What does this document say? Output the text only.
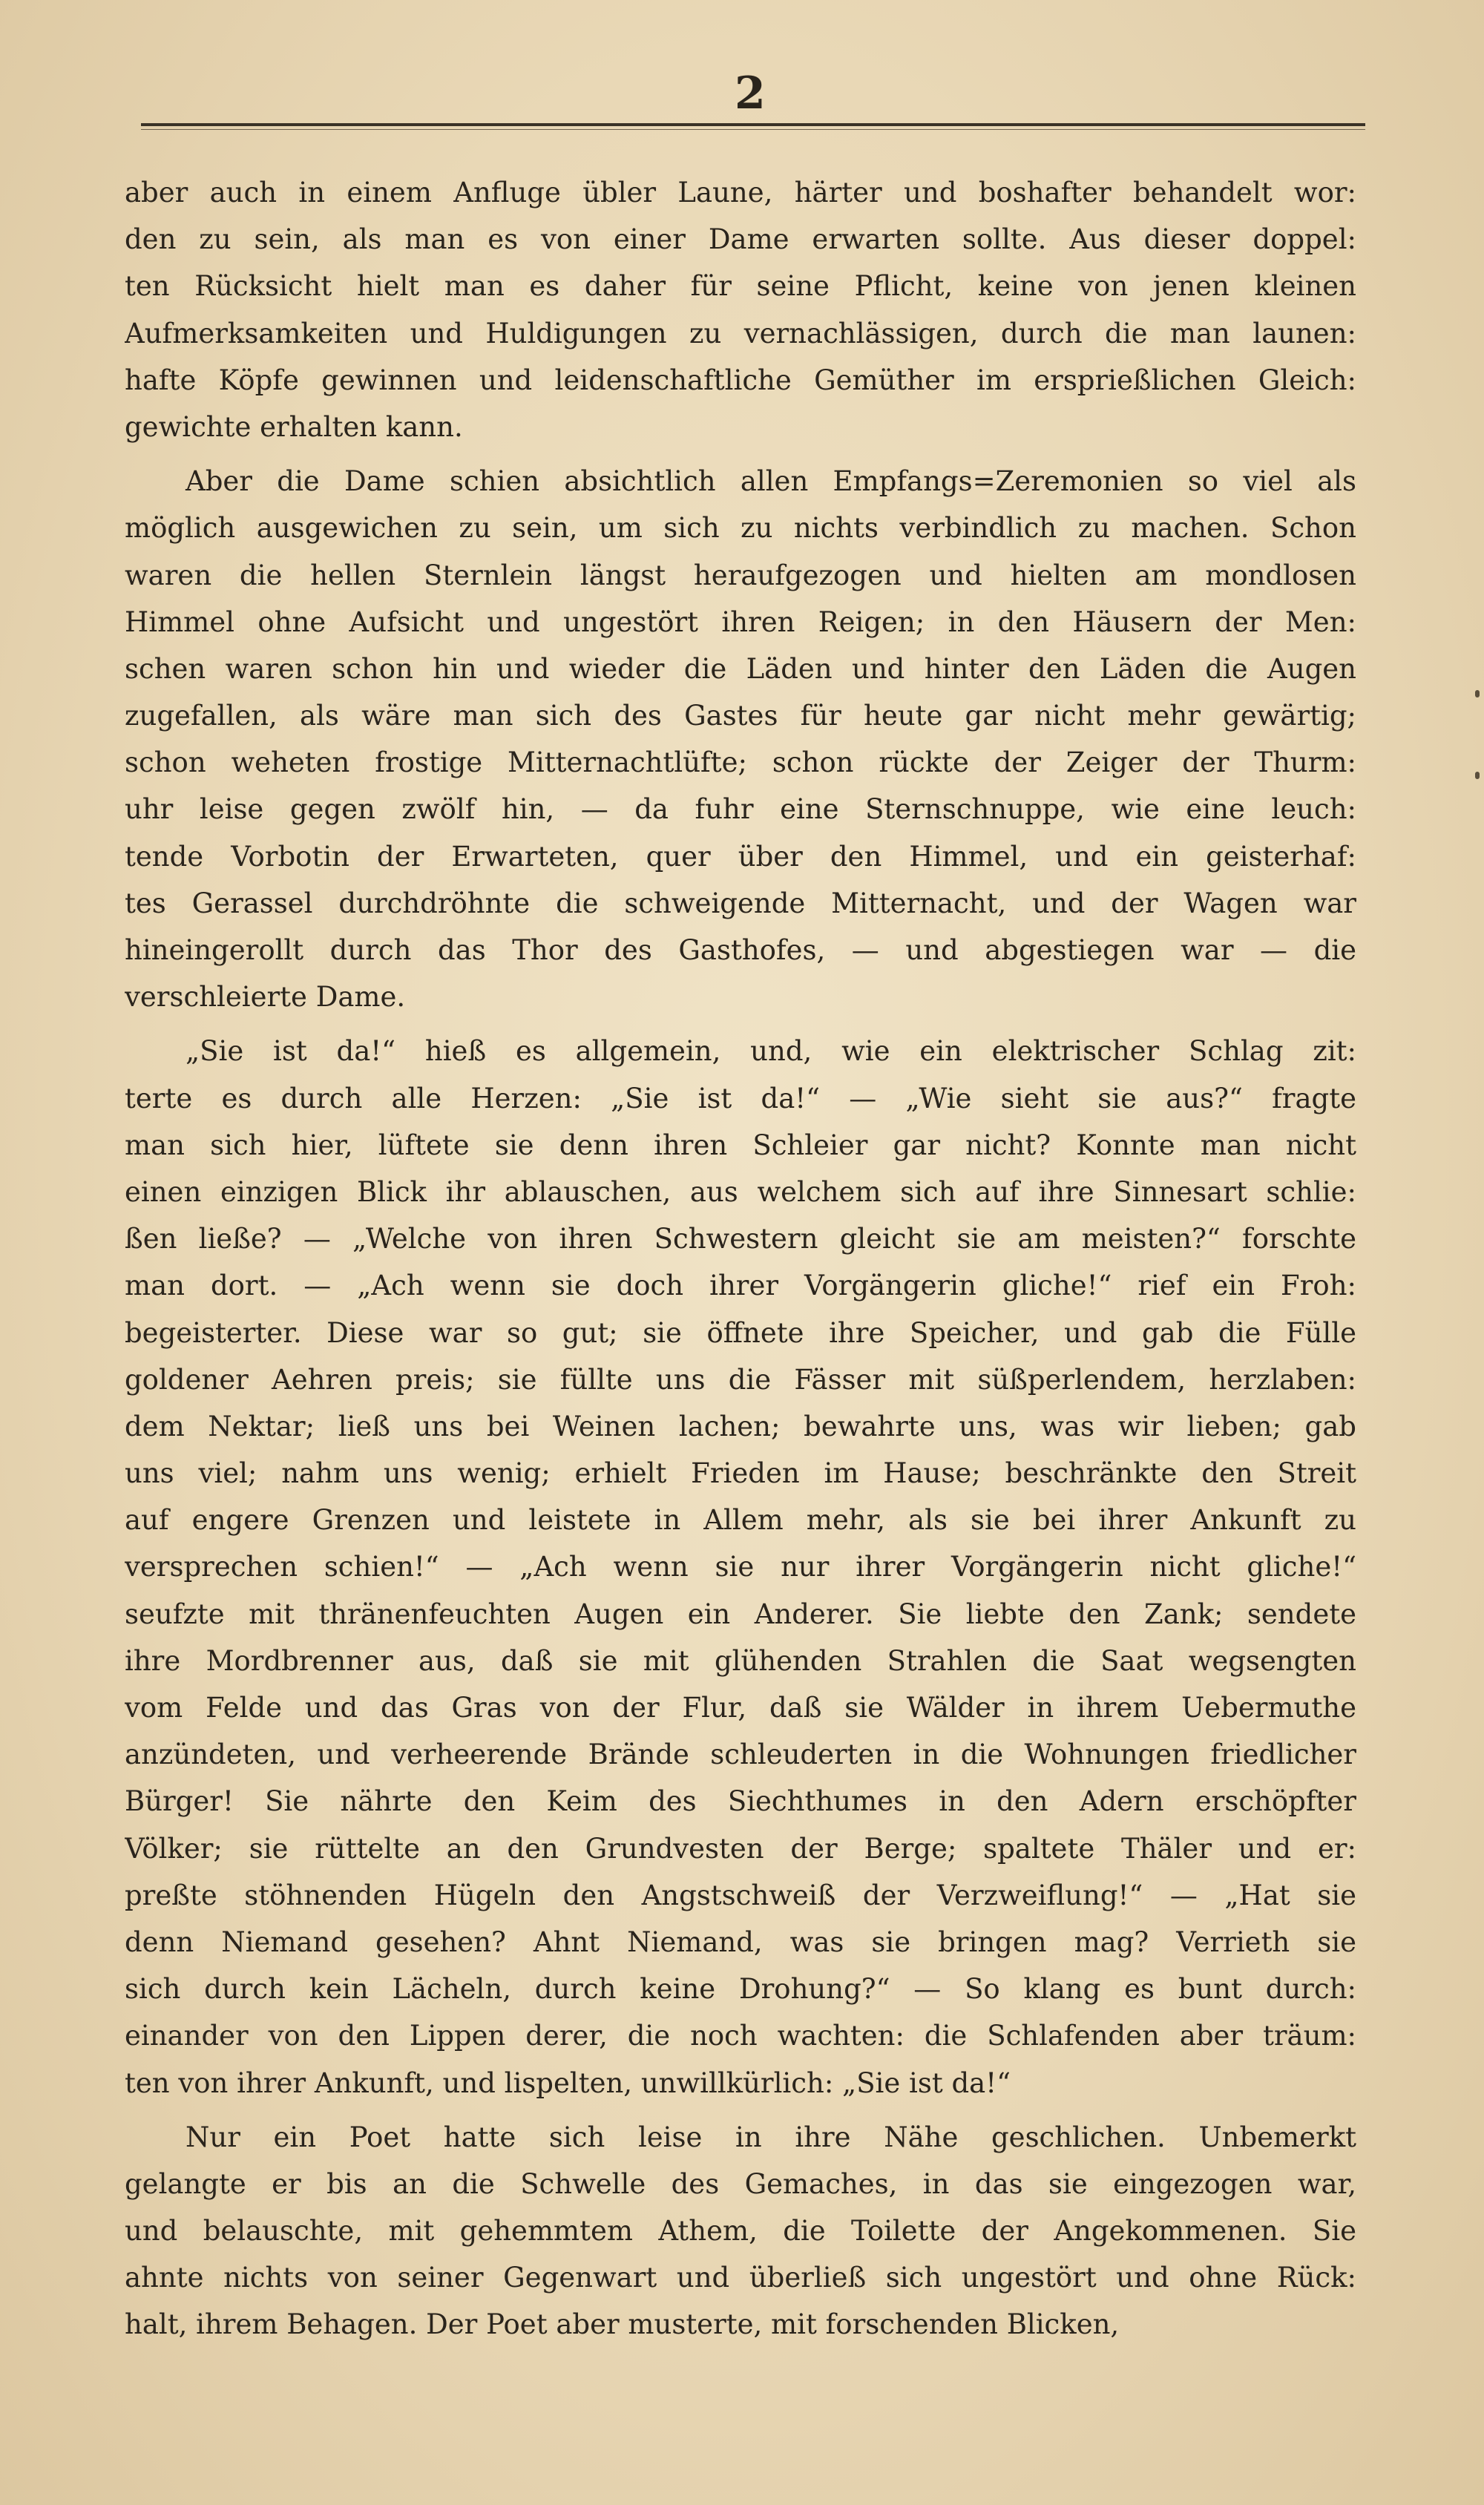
2
aber auch in einem Anfluge übler Laune, härter und boshafter behandelt wor:
den zu sein, als man es von einer Dame erwarten sollte. Aus dieser doppel:
ten Rücksicht hielt man es daher für seine Pflicht, keine von jenen kleinen
Aufmerksamkeiten und Huldigungen zu vernachlässigen, durch die man launen:
hafte Köpfe gewinnen und leidenschaftliche Gemüther im ersprießlichen Gleich:
gewichte erhalten kann.
Aber die Dame schien absichtlich allen Empfangs=Zeremonien so viel als
möglich ausgewichen zu sein, um sich zu nichts verbindlich zu machen. Schon
waren die hellen Sternlein längst heraufgezogen und hielten am mondlosen
Himmel ohne Aufsicht und ungestört ihren Reigen; in den Häusern der Men:
schen waren schon hin und wieder die Läden und hinter den Läden die Augen
zugefallen, als wäre man sich des Gastes für heute gar nicht mehr gewärtig;
schon weheten frostige Mitternachtlüfte; schon rückte der Zeiger der Thurm:
uhr leise gegen zwölf hin, — da fuhr eine Sternschnuppe, wie eine leuch:
tende Vorbotin der Erwarteten, quer über den Himmel, und ein geisterhaf:
tes Gerassel durchdröhnte die schweigende Mitternacht, und der Wagen war
hineingerollt durch das Thor des Gasthofes, — und abgestiegen war — die
verschleierte Dame.
„Sie ist da!“ hieß es allgemein, und, wie ein elektrischer Schlag zit:
terte es durch alle Herzen: „Sie ist da!“ — „Wie sieht sie aus?“ fragte
man sich hier, lüftete sie denn ihren Schleier gar nicht? Konnte man nicht
einen einzigen Blick ihr ablauschen, aus welchem sich auf ihre Sinnesart schlie:
ßen ließe? — „Welche von ihren Schwestern gleicht sie am meisten?“ forschte
man dort. — „Ach wenn sie doch ihrer Vorgängerin gliche!“ rief ein Froh:
begeisterter. Diese war so gut; sie öffnete ihre Speicher, und gab die Fülle
goldener Aehren preis; sie füllte uns die Fässer mit süßperlendem, herzlaben:
dem Nektar; ließ uns bei Weinen lachen; bewahrte uns, was wir lieben; gab
uns viel; nahm uns wenig; erhielt Frieden im Hause; beschränkte den Streit
auf engere Grenzen und leistete in Allem mehr, als sie bei ihrer Ankunft zu
versprechen schien!“ — „Ach wenn sie nur ihrer Vorgängerin nicht gliche!“
seufzte mit thränenfeuchten Augen ein Anderer. Sie liebte den Zank; sendete
ihre Mordbrenner aus, daß sie mit glühenden Strahlen die Saat wegsengten
vom Felde und das Gras von der Flur, daß sie Wälder in ihrem Uebermuthe
anzündeten, und verheerende Brände schleuderten in die Wohnungen friedlicher
Bürger! Sie nährte den Keim des Siechthumes in den Adern erschöpfter
Völker; sie rüttelte an den Grundvesten der Berge; spaltete Thäler und er:
preßte stöhnenden Hügeln den Angstschweiß der Verzweiflung!“ — „Hat sie
denn Niemand gesehen? Ahnt Niemand, was sie bringen mag? Verrieth sie
sich durch kein Lächeln, durch keine Drohung?“ — So klang es bunt durch:
einander von den Lippen derer, die noch wachten: die Schlafenden aber träum:
ten von ihrer Ankunft, und lispelten, unwillkürlich: „Sie ist da!“
Nur ein Poet hatte sich leise in ihre Nähe geschlichen. Unbemerkt
gelangte er bis an die Schwelle des Gemaches, in das sie eingezogen war,
und belauschte, mit gehemmtem Athem, die Toilette der Angekommenen. Sie
ahnte nichts von seiner Gegenwart und überließ sich ungestört und ohne Rück:
halt, ihrem Behagen. Der Poet aber musterte, mit forschenden Blicken,
